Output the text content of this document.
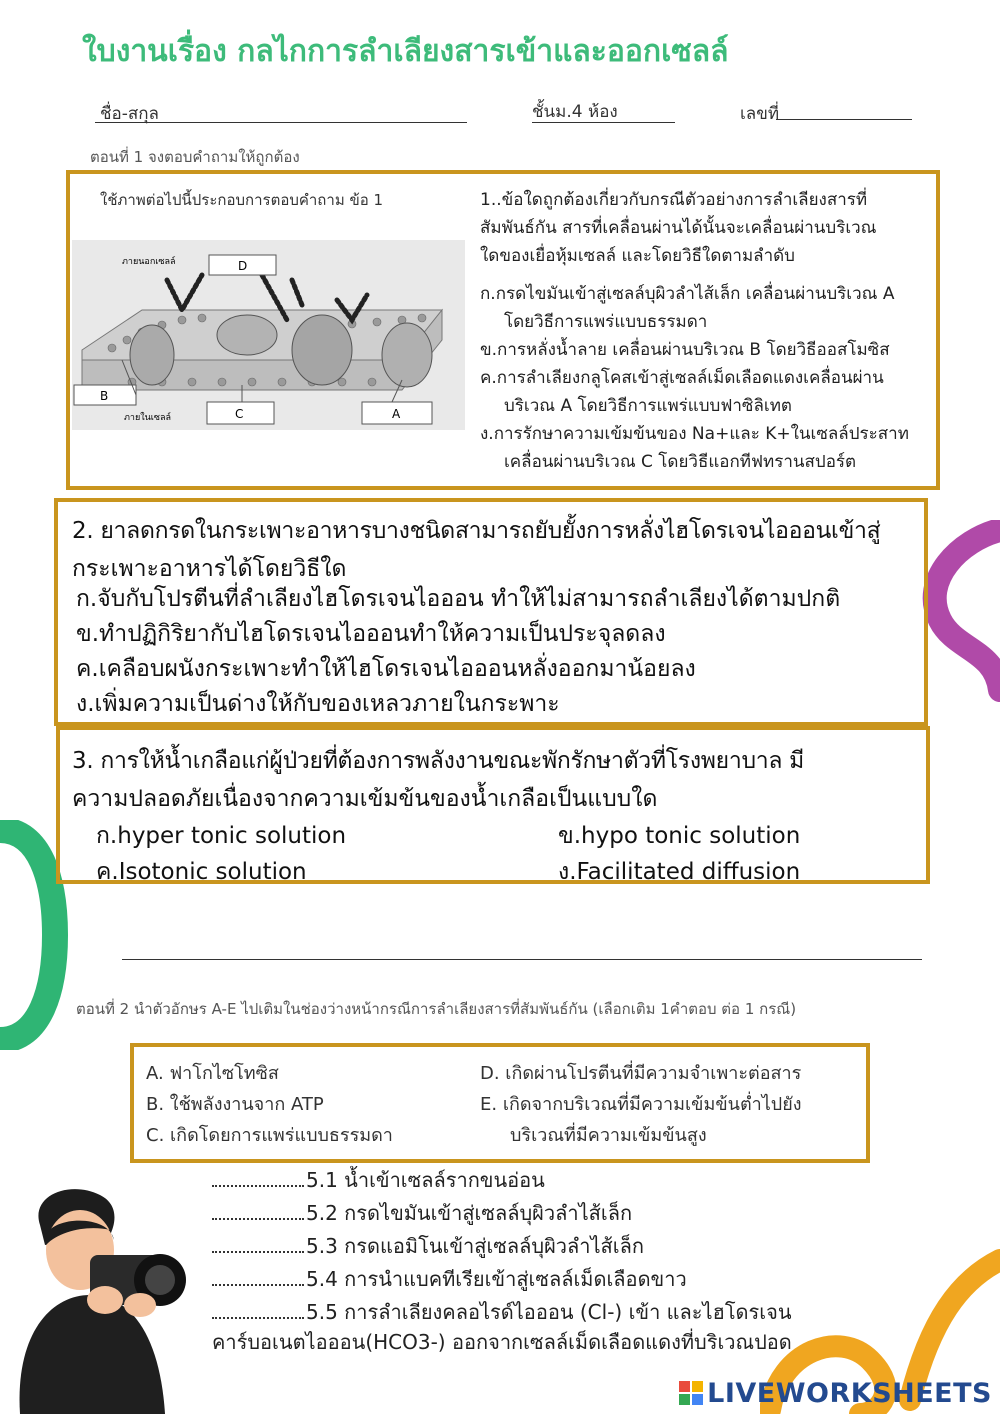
ใบงานเรื่อง กลไกการลำเลียงสารเข้าและออกเซลล์
ชื่อ-สกุล	ชั้นม.4 ห้อง	เลขที่
ตอนที่ 1 จงตอบคำถามให้ถูกต้อง
ใช้ภาพต่อไปนี้ประกอบการตอบคำถาม ข้อ 1
D
B
C	A
ภายนอกเซลล์
ภายในเซลล์
1..ข้อใดถูกต้องเกี่ยวกับกรณีตัวอย่างการลำเลียงสารที่
สัมพันธ์กัน สารที่เคลื่อนผ่านได้นั้นจะเคลื่อนผ่านบริเวณ
ใดของเยื่อหุ้มเซลล์ และโดยวิธีใดตามลำดับ
ก.กรดไขมันเข้าสู่เซลล์บุผิวลำไส้เล็ก เคลื่อนผ่านบริเวณ A
โดยวิธีการแพร่แบบธรรมดา
ข.การหลั่งน้ำลาย เคลื่อนผ่านบริเวณ B โดยวิธีออสโมซิส
ค.การลำเลียงกลูโคสเข้าสู่เซลล์เม็ดเลือดแดงเคลื่อนผ่าน
บริเวณ A โดยวิธีการแพร่แบบฟาซิลิเทต
ง.การรักษาความเข้มข้นของ Na+และ K+ในเซลล์ประสาท
เคลื่อนผ่านบริเวณ C โดยวิธีแอกทีฟทรานสปอร์ต
2. ยาลดกรดในกระเพาะอาหารบางชนิดสามารถยับยั้งการหลั่งไฮโดรเจนไอออนเข้าสู่
กระเพาะอาหารได้โดยวิธีใด
ก.จับกับโปรตีนที่ลำเลียงไฮโดรเจนไอออน ทำให้ไม่สามารถลำเลียงได้ตามปกติ
ข.ทำปฏิกิริยากับไฮโดรเจนไอออนทำให้ความเป็นประจุลดลง
ค.เคลือบผนังกระเพาะทำให้ไฮโดรเจนไอออนหลั่งออกมาน้อยลง
ง.เพิ่มความเป็นด่างให้กับของเหลวภายในกระพาะ
3. การให้น้ำเกลือแก่ผู้ป่วยที่ต้องการพลังงานขณะพักรักษาตัวที่โรงพยาบาล มี
ความปลอดภัยเนื่องจากความเข้มข้นของน้ำเกลือเป็นแบบใด
ก.hyper tonic solution	ข.hypo tonic solution
ค.Isotonic solution	ง.Facilitated diffusion
ตอนที่ 2 นำตัวอักษร A-E ไปเติมในช่องว่างหน้ากรณีการลำเลียงสารที่สัมพันธ์กัน (เลือกเติม 1คำตอบ ต่อ 1 กรณี)
A. ฟาโกไซโทซิส
B. ใช้พลังงานจาก ATP
C. เกิดโดยการแพร่แบบธรรมดา
D. เกิดผ่านโปรตีนที่มีความจำเพาะต่อสาร
E. เกิดจากบริเวณที่มีความเข้มข้นต่ำไปยัง
บริเวณที่มีความเข้มข้นสูง
5.1 น้ำเข้าเซลล์รากขนอ่อน
5.2 กรดไขมันเข้าสู่เซลล์บุผิวลำไส้เล็ก
5.3 กรดแอมิโนเข้าสู่เซลล์บุผิวลำไส้เล็ก
5.4 การนำแบคทีเรียเข้าสู่เซลล์เม็ดเลือดขาว
5.5 การลำเลียงคลอไรด์ไอออน (Cl-) เข้า และไฮโดรเจน
คาร์บอเนตไอออน(HCO3-) ออกจากเซลล์เม็ดเลือดแดงที่บริเวณปอด
LIVEWORKSHEETS
